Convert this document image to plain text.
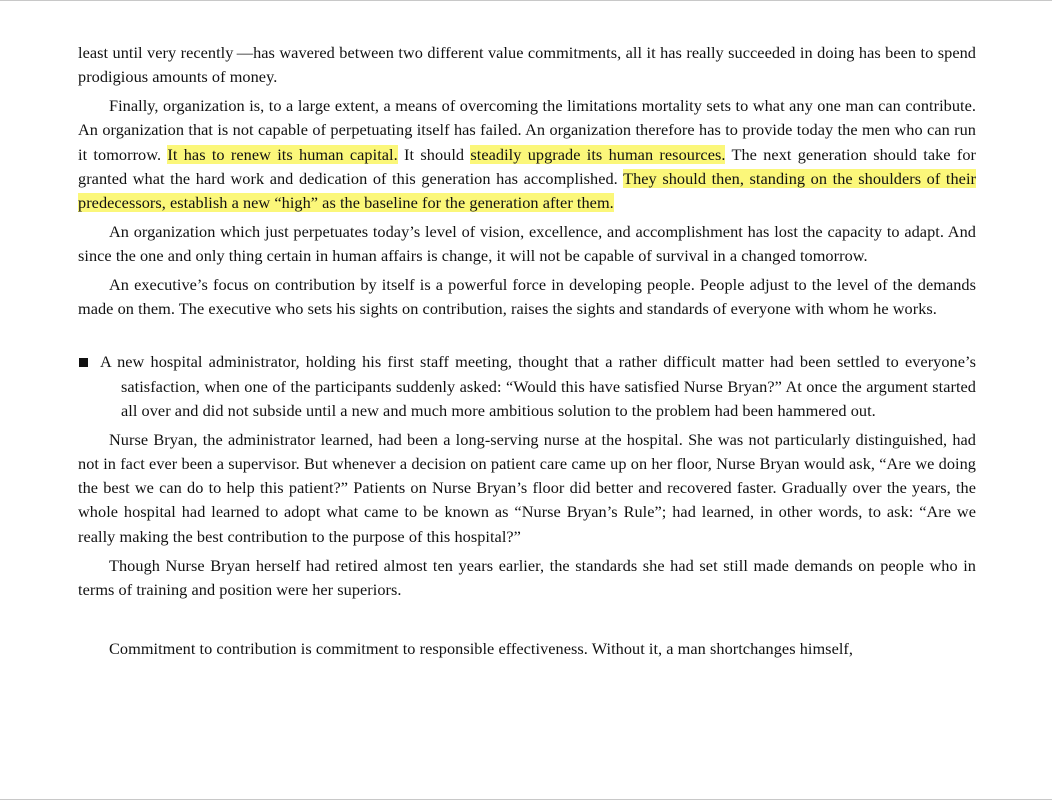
least until very recently —has wavered between two different value commitments, all it has really succeeded in doing has been to spend prodigious amounts of money.

Finally, organization is, to a large extent, a means of overcoming the limitations mortality sets to what any one man can contribute. An organization that is not capable of perpetuating itself has failed. An organization therefore has to provide today the men who can run it tomorrow. It has to renew its human capital. It should steadily upgrade its human resources. The next generation should take for granted what the hard work and dedication of this generation has accomplished. They should then, standing on the shoulders of their predecessors, establish a new “high” as the baseline for the generation after them.

An organization which just perpetuates today’s level of vision, excellence, and accomplishment has lost the capacity to adapt. And since the one and only thing certain in human affairs is change, it will not be capable of survival in a changed tomorrow.

An executive’s focus on contribution by itself is a powerful force in developing people. People adjust to the level of the demands made on them. The executive who sets his sights on contribution, raises the sights and standards of everyone with whom he works.

A new hospital administrator, holding his first staff meeting, thought that a rather difficult matter had been settled to everyone’s satisfaction, when one of the participants suddenly asked: “Would this have satisfied Nurse Bryan?” At once the argument started all over and did not subside until a new and much more ambitious solution to the problem had been hammered out.

Nurse Bryan, the administrator learned, had been a long-serving nurse at the hospital. She was not particularly distinguished, had not in fact ever been a supervisor. But whenever a decision on patient care came up on her floor, Nurse Bryan would ask, “Are we doing the best we can do to help this patient?” Patients on Nurse Bryan’s floor did better and recovered faster. Gradually over the years, the whole hospital had learned to adopt what came to be known as “Nurse Bryan’s Rule”; had learned, in other words, to ask: “Are we really making the best contribution to the purpose of this hospital?”

Though Nurse Bryan herself had retired almost ten years earlier, the standards she had set still made demands on people who in terms of training and position were her superiors.

Commitment to contribution is commitment to responsible effectiveness. Without it, a man shortchanges himself,
